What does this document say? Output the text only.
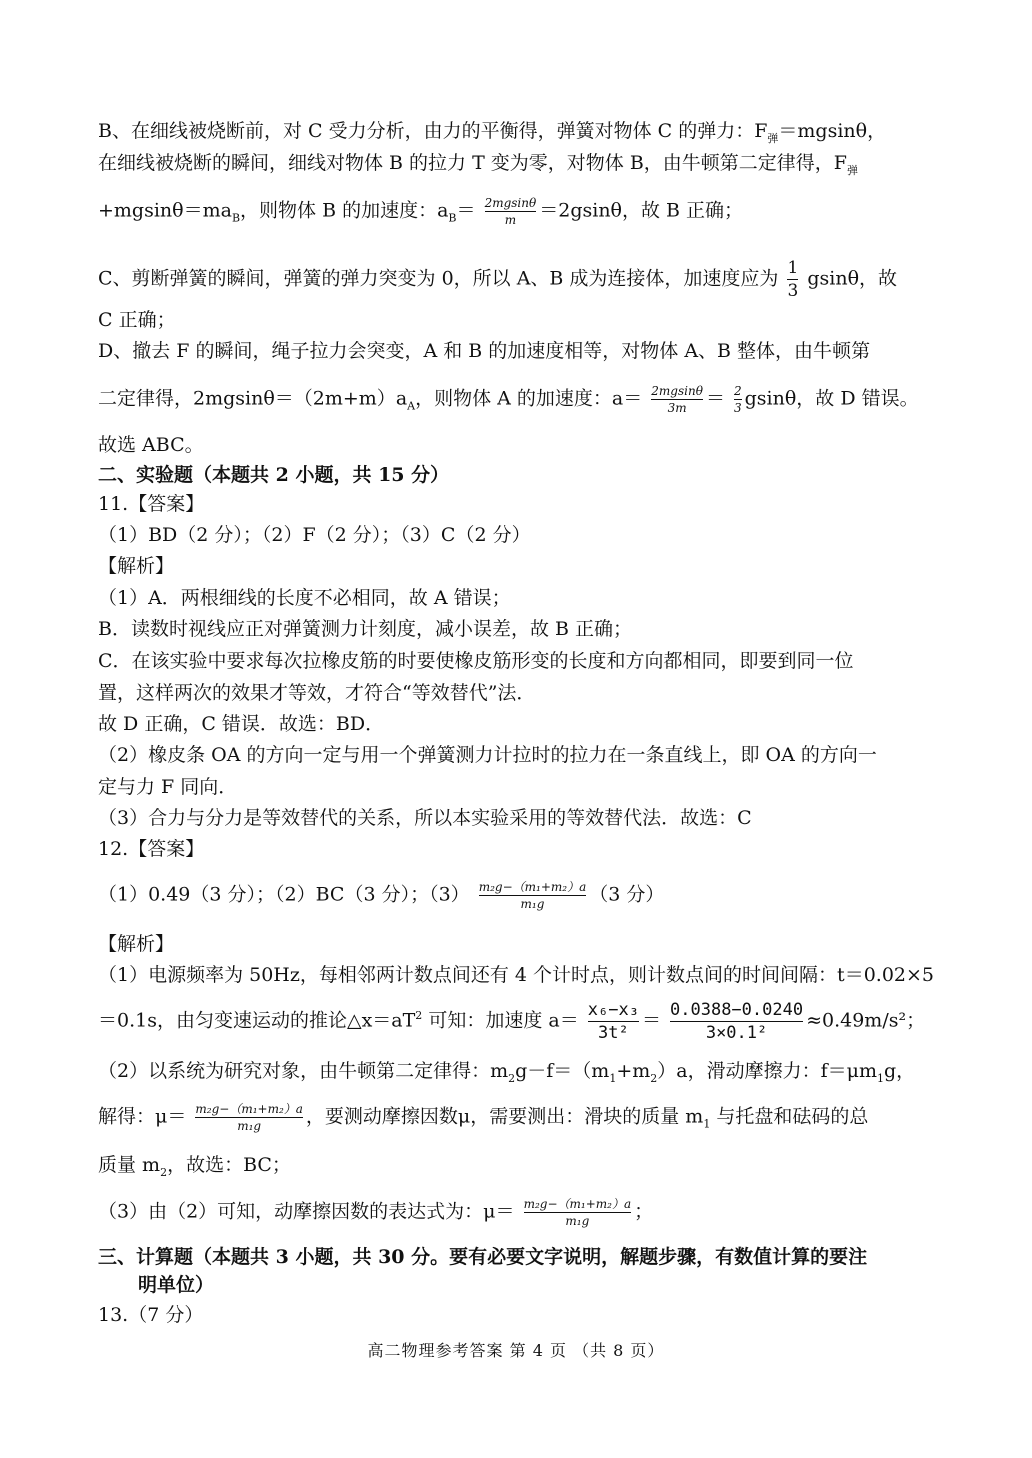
B、在细线被烧断前，对 C 受力分析，由力的平衡得，弹簧对物体 C 的弹力：$F_弹=mgsin\theta$，
在细线被烧断的瞬间，细线对物体 B 的拉力 T 变为零，对物体 B，由牛顿第二定律得，$F_弹$
$+mgsin\theta=ma_B$，则物体 B 的加速度：$a_B= \frac{2mgsin\theta}{m} =2gsin\theta$，故 B 正确；
C、剪断弹簧的瞬间，弹簧的弹力突变为 0，所以 A、B 成为连接体，加速度应为 $\frac{1}{3}$ gsinθ，故
C 正确；
D、撤去 F 的瞬间，绳子拉力会突变，A 和 B 的加速度相等，对物体 A、B 整体，由牛顿第
二定律得，$2mgsin\theta=(2m+m)a_A$，则物体 A 的加速度：$a= \frac{2mgsin\theta}{3m} = \frac{2}{3}$ gsinθ，故 D 错误。
故选 ABC。
二、实验题（本题共 2 小题，共 15 分）
11.【答案】
（1）BD（2 分）；（2）F（2 分）；（3）C（2 分）
【解析】
（1）A．两根细线的长度不必相同，故 A 错误；
B．读数时视线应正对弹簧测力计刻度，减小误差，故 B 正确；
C．在该实验中要求每次拉橡皮筋的时要使橡皮筋形变的长度和方向都相同，即要到同一位
置，这样两次的效果才等效，才符合“等效替代”法．
故 D 正确，C 错误．故选：BD．
（2）橡皮条 OA 的方向一定与用一个弹簧测力计拉时的拉力在一条直线上，即 OA 的方向一
定与力 F 同向．
（3）合力与分力是等效替代的关系，所以本实验采用的等效替代法．故选：C
12.【答案】
（1）0.49（3 分）；（2）BC（3 分）；$(3) \frac{\text{m₂g−（m₁+m₂）a}}{\text{m₁g}} (3$ 分）
【解析】
（1）电源频率为 50Hz，每相邻两计数点间还有 4 个计时点，则计数点间的时间间隔：t＝0.02×5
＝0.1s，由匀变速运动的推论$\triangle x=aT^2$ 可知：加速度 $a= \frac{\text{x₆−x₃}}{\text{3t²}} = \frac{0.0388-0.0240}{\text{3×0.1²}} \approx 0.49m/s^2$；
（2）以系统为研究对象，由牛顿第二定律得：$m_2g-f=(m_1+m_2)a$，滑动摩擦力：$f=\mu m_1g$，
解得：$\mu= \frac{\text{m₂g−（m₁+m₂）a}}{\text{m₁g}}$ ，要测动摩擦因数μ，需要测出：滑块的质量 $m_1$ 与托盘和砝码的总
质量 $m_2$，故选：BC；
（3）由（2）可知，动摩擦因数的表达式为：$\mu= \frac{\text{m₂g−（m₁+m₂）a}}{\text{m₁g}}$ ；
三、计算题（本题共 3 小题，共 30 分。要有必要文字说明，解题步骤，有数值计算的要注
明单位）
13.（7 分）
高二物理参考答案 第 4 页 （共 8 页）
